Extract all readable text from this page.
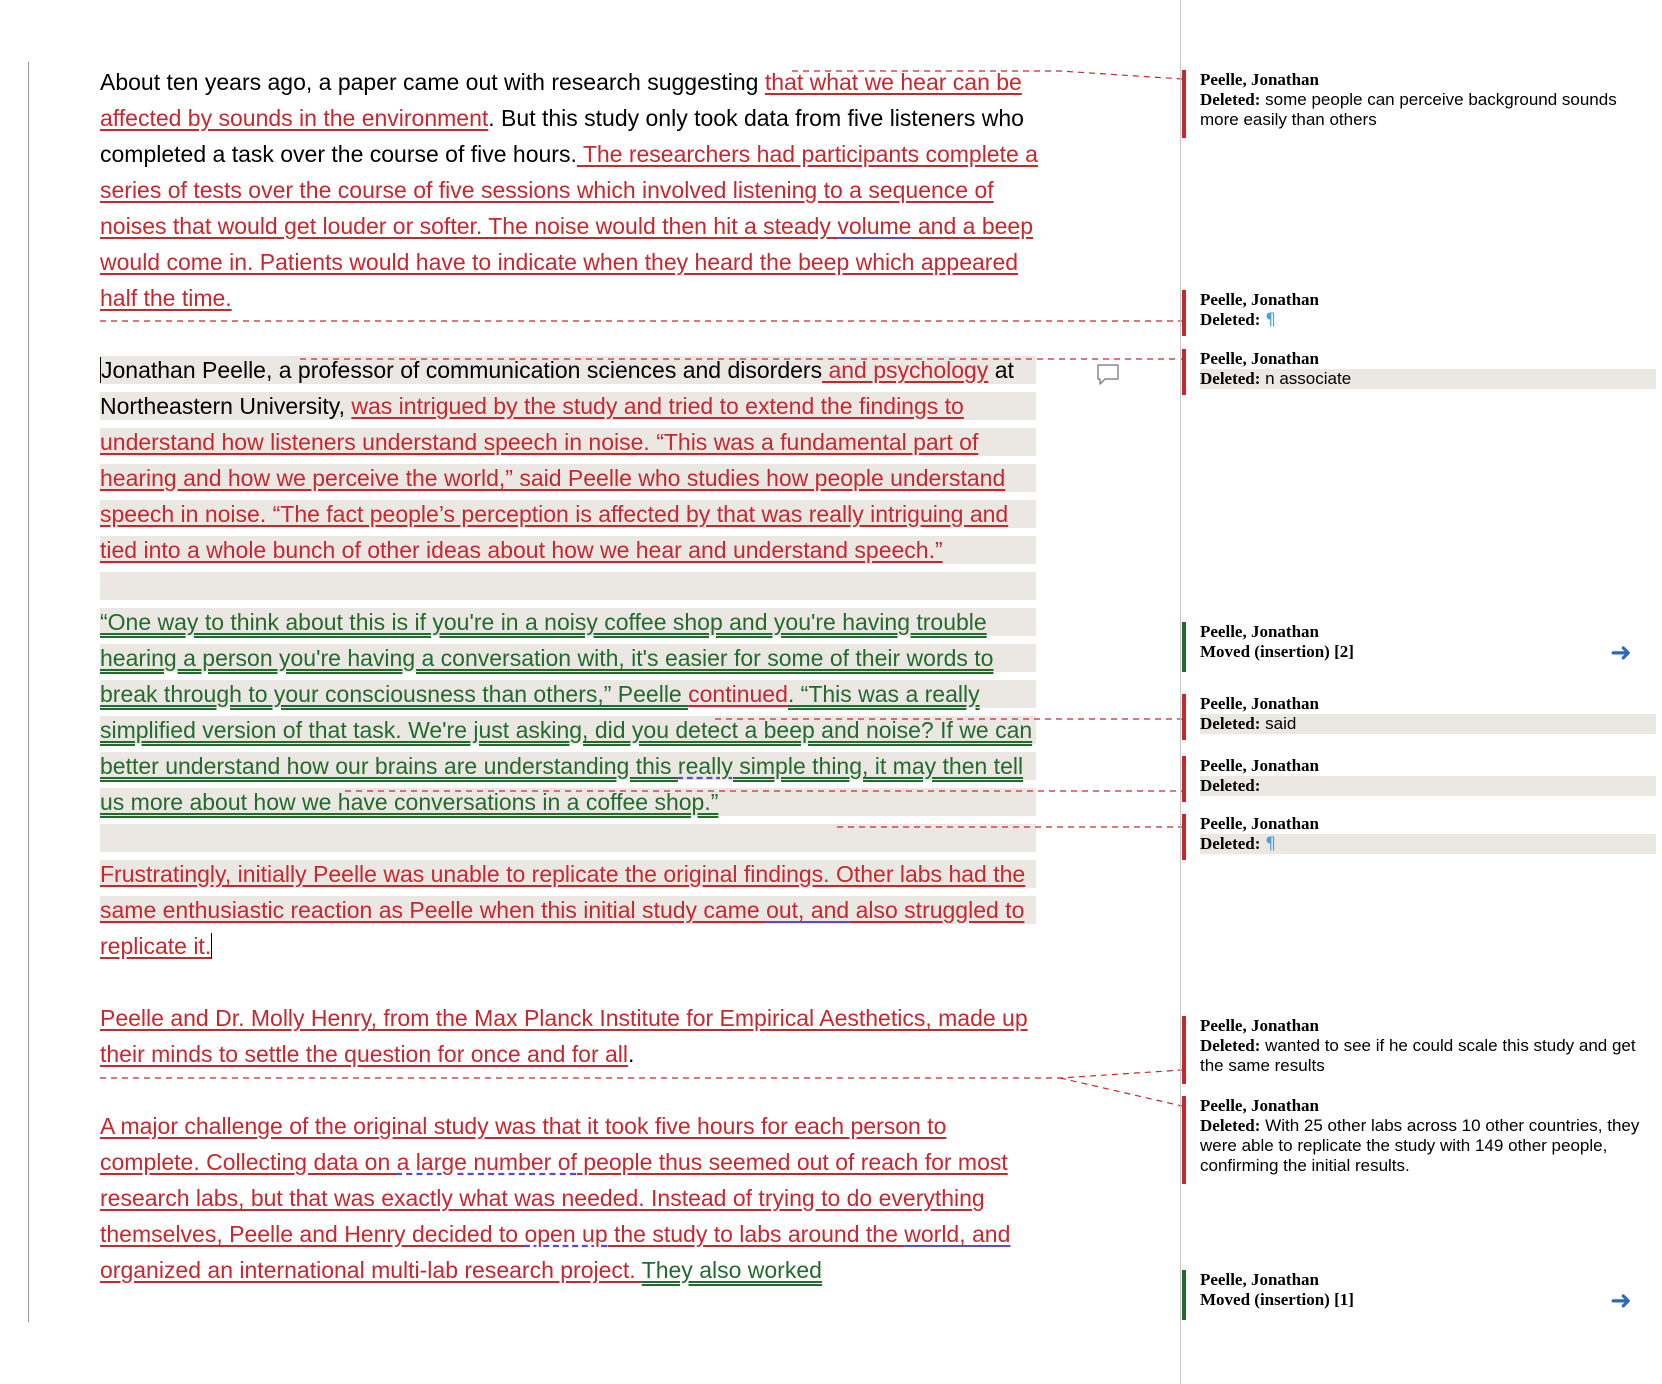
About ten years ago, a paper came out with research suggesting that what we hear can be affected by sounds in the environment. But this study only took data from five listeners who completed a task over the course of five hours. The researchers had participants complete a series of tests over the course of five sessions which involved listening to a sequence of noises that would get louder or softer. The noise would then hit a steady volume and a beep would come in. Patients would have to indicate when they heard the beep which appeared half the time.

Jonathan Peelle, a professor of communication sciences and disorders and psychology at Northeastern University, was intrigued by the study and tried to extend the findings to understand how listeners understand speech in noise. “This was a fundamental part of hearing and how we perceive the world,” said Peelle who studies how people understand speech in noise. “The fact people’s perception is affected by that was really intriguing and tied into a whole bunch of other ideas about how we hear and understand speech.”

“One way to think about this is if you're in a noisy coffee shop and you're having trouble hearing a person you're having a conversation with, it's easier for some of their words to break through to your consciousness than others,” Peelle continued. “This was a really simplified version of that task. We're just asking, did you detect a beep and noise? If we can better understand how our brains are understanding this really simple thing, it may then tell us more about how we have conversations in a coffee shop.”

Frustratingly, initially Peelle was unable to replicate the original findings. Other labs had the same enthusiastic reaction as Peelle when this initial study came out, and also struggled to replicate it.

Peelle and Dr. Molly Henry, from the Max Planck Institute for Empirical Aesthetics, made up their minds to settle the question for once and for all.

A major challenge of the original study was that it took five hours for each person to complete. Collecting data on a large number of people thus seemed out of reach for most research labs, but that was exactly what was needed. Instead of trying to do everything themselves, Peelle and Henry decided to open up the study to labs around the world, and organized an international multi-lab research project. They also worked

Peelle, Jonathan
Deleted: some people can perceive background sounds more easily than others
Peelle, Jonathan
Deleted: ¶
Peelle, Jonathan
Deleted: n associate
Peelle, Jonathan
Moved (insertion) [2]	➜
Peelle, Jonathan
Deleted: said
Peelle, Jonathan
Deleted:
Peelle, Jonathan
Deleted: ¶
Peelle, Jonathan
Deleted: wanted to see if he could scale this study and get the same results
Peelle, Jonathan
Deleted: With 25 other labs across 10 other countries, they were able to replicate the study with 149 other people, confirming the initial results.
Peelle, Jonathan
Moved (insertion) [1]	➜
